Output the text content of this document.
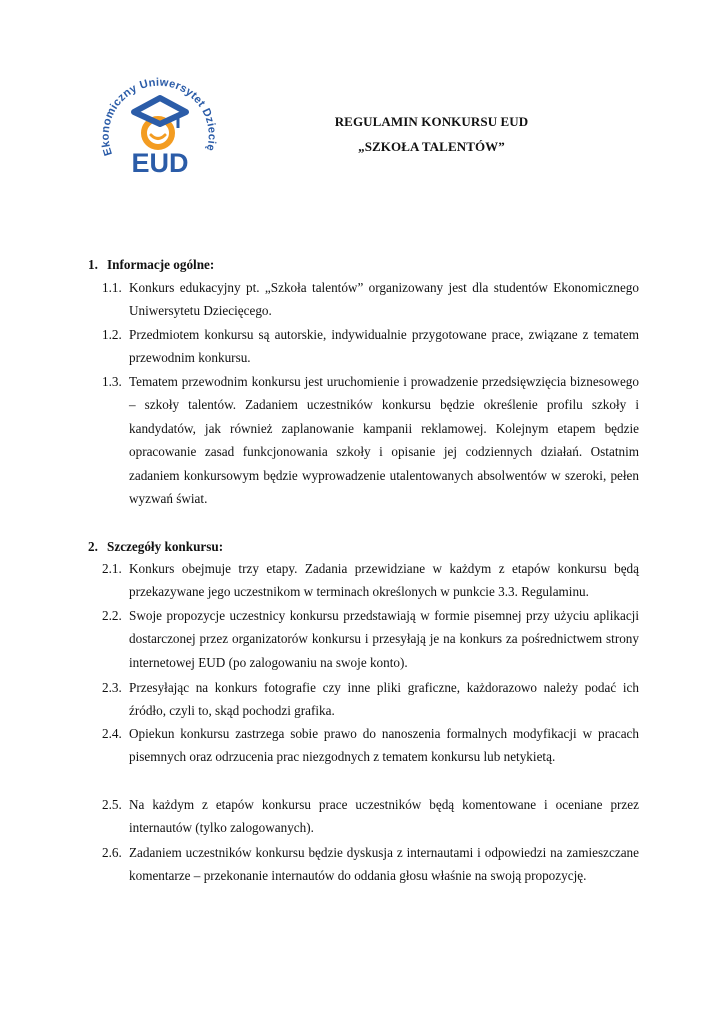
Ekonomiczny Uniwersytet Dziecię
EUD
REGULAMIN KONKURSU EUD
„SZKOŁA TALENTÓW”
1. Informacje ogólne:
1.1. Konkurs edukacyjny pt. „Szkoła talentów” organizowany jest dla studentów Ekonomicznego Uniwersytetu Dziecięcego.
1.2. Przedmiotem konkursu są autorskie, indywidualnie przygotowane prace, związane z tematem przewodnim konkursu.
1.3. Tematem przewodnim konkursu jest uruchomienie i prowadzenie przedsięwzięcia biznesowego – szkoły talentów. Zadaniem uczestników konkursu będzie określenie profilu szkoły i kandydatów, jak również zaplanowanie kampanii reklamowej. Kolejnym etapem będzie opracowanie zasad funkcjonowania szkoły i opisanie jej codziennych działań. Ostatnim zadaniem konkursowym będzie wyprowadzenie utalentowanych absolwentów w szeroki, pełen wyzwań świat.
2. Szczegóły konkursu:
2.1. Konkurs obejmuje trzy etapy. Zadania przewidziane w każdym z etapów konkursu będą przekazywane jego uczestnikom w terminach określonych w punkcie 3.3. Regulaminu.
2.2. Swoje propozycje uczestnicy konkursu przedstawiają w formie pisemnej przy użyciu aplikacji dostarczonej przez organizatorów konkursu i przesyłają je na konkurs za pośrednictwem strony internetowej EUD (po zalogowaniu na swoje konto).
2.3. Przesyłając na konkurs fotografie czy inne pliki graficzne, każdorazowo należy podać ich źródło, czyli to, skąd pochodzi grafika.
2.4. Opiekun konkursu zastrzega sobie prawo do nanoszenia formalnych modyfikacji w pracach pisemnych oraz odrzucenia prac niezgodnych z tematem konkursu lub netykietą.
2.5. Na każdym z etapów konkursu prace uczestników będą komentowane i oceniane przez internautów (tylko zalogowanych).
2.6. Zadaniem uczestników konkursu będzie dyskusja z internautami i odpowiedzi na zamieszczane komentarze – przekonanie internautów do oddania głosu właśnie na swoją propozycję.
